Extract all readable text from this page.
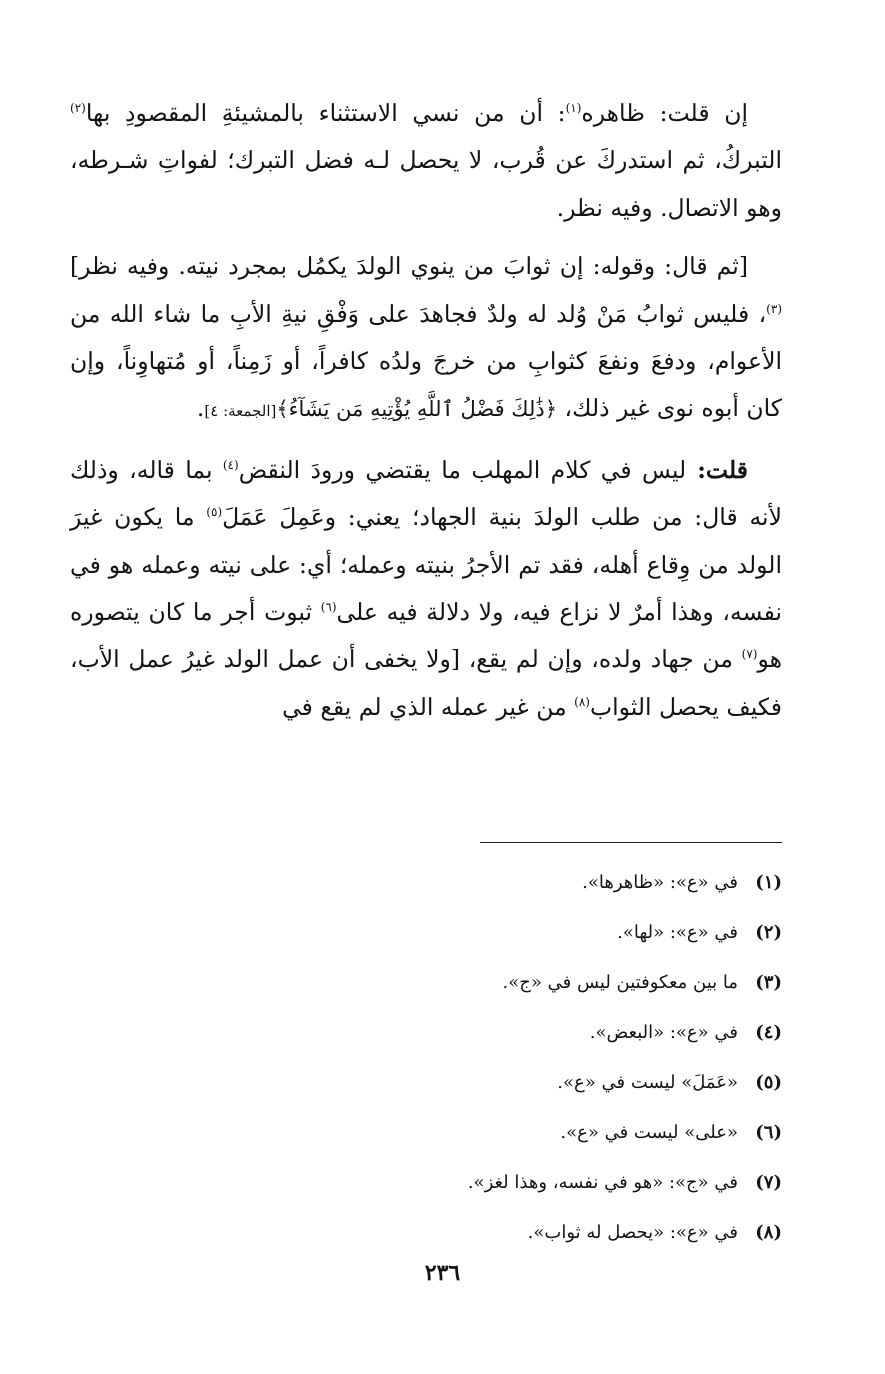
إن قلت: ظاهره$^{(١)}$: أن من نسي الاستثناء بالمشيئةِ المقصودِ بها$^{(٢)}$ التبركُ، ثم استدركَ عن قُرب، لا يحصل لـه فضل التبرك؛ لفواتِ شـرطه، وهو الاتصال. وفيه نظر.

[ثم قال: وقوله: إن ثوابَ من ينوي الولدَ يكمُل بمجرد نيته. وفيه نظر]$^{(٣)}$، فليس ثوابُ مَنْ وُلد له ولدٌ فجاهدَ على وَفْقِ نيةِ الأبِ ما شاء الله من الأعوام، ودفعَ ونفعَ كثوابِ من خرجَ ولدُه كافراً، أو زَمِناً، أو مُتهاوِناً، وإن كان أبوه نوى غير ذلك، ﴿ذَٰلِكَ فَضْلُ ٱللَّهِ يُؤْتِيهِ مَن يَشَآءُ﴾[الجمعة: ٤].

قلت: ليس في كلام المهلب ما يقتضي ورودَ النقض$^{(٤)}$ بما قاله، وذلك لأنه قال: من طلب الولدَ بنية الجهاد؛ يعني: وعَمِلَ عَمَلَ$^{(٥)}$ ما يكون غيرَ الولد من وِقاع أهله، فقد تم الأجرُ بنيته وعمله؛ أي: على نيته وعمله هو في نفسه، وهذا أمرٌ لا نزاع فيه، ولا دلالة فيه على$^{(٦)}$ ثبوت أجر ما كان يتصوره هو$^{(٧)}$ من جهاد ولده، وإن لم يقع، [ولا يخفى أن عمل الولد غيرُ عمل الأب، فكيف يحصل الثواب$^{(٨)}$ من غير عمله الذي لم يقع في

(١)في «ع»: «ظاهرها».
(٢)في «ع»: «لها».
(٣)ما بين معكوفتين ليس في «ج».
(٤)في «ع»: «البعض».
(٥)«عَمَلَ» ليست في «ع».
(٦)«على» ليست في «ع».
(٧)في «ج»: «هو في نفسه، وهذا لغز».
(٨)في «ع»: «يحصل له ثواب».
٢٣٦
